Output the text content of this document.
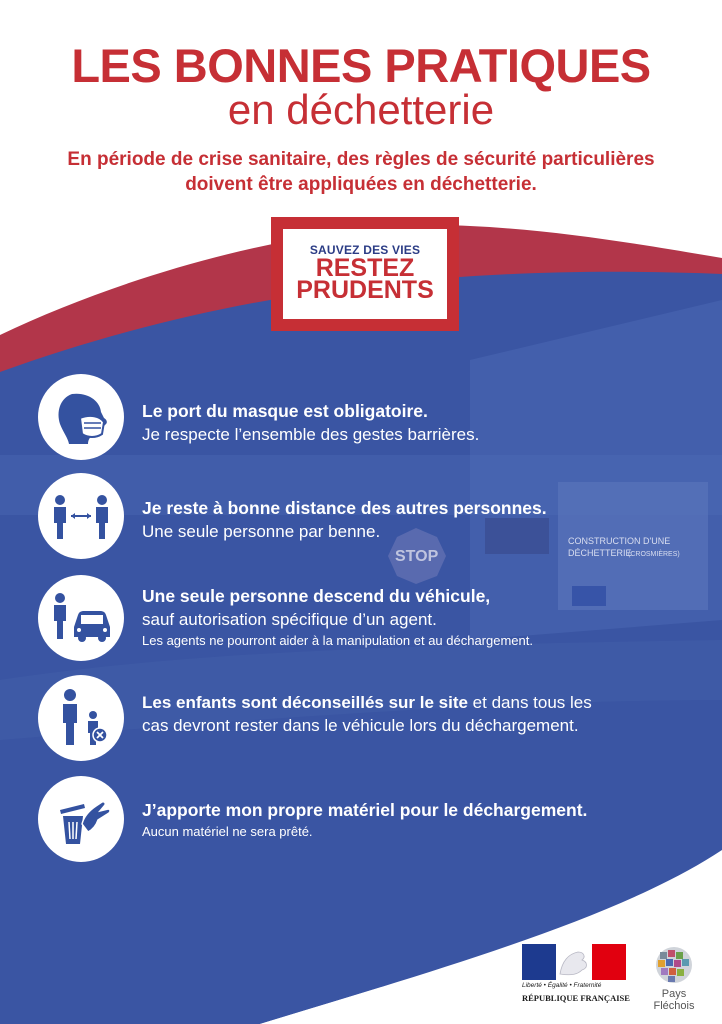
STOP
CONSTRUCTION D'UNE
DÉCHETTERIE
(CROSMIÈRES)
LES BONNES PRATIQUES
en déchetterie
En période de crise sanitaire, des règles de sécurité particulières doivent être appliquées en déchetterie.
SAUVEZ DES VIES
RESTEZ
PRUDENTS
Le port du masque est obligatoire.
Je respecte l’ensemble des gestes barrières.
Je reste à bonne distance des autres personnes.
Une seule personne par benne.
Une seule personne descend du véhicule,
sauf autorisation spécifique d’un agent.
Les agents ne pourront aider à la manipulation et au déchargement.
Les enfants sont déconseillés sur le site et dans tous les
cas devront rester dans le véhicule lors du déchargement.
J’apporte mon propre matériel pour le déchargement.
Aucun matériel ne sera prêté.
Liberté • Égalité • Fraternité
RÉPUBLIQUE FRANÇAISE	Pays Fléchois
